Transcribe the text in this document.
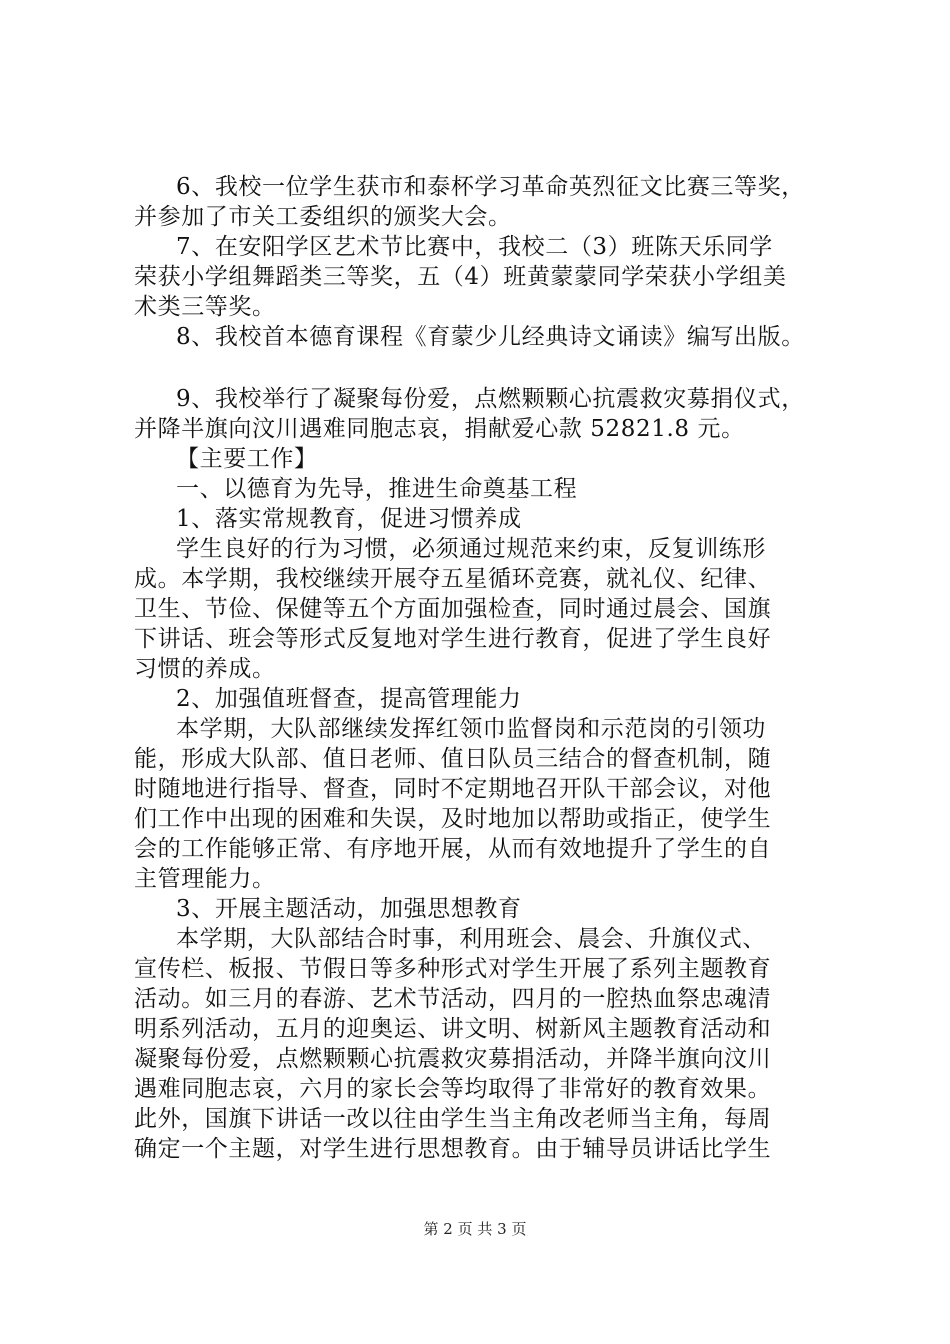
6、我校一位学生获市和泰杯学习革命英烈征文比赛三等奖，
并参加了市关工委组织的颁奖大会。
7、在安阳学区艺术节比赛中，我校二（3）班陈天乐同学
荣获小学组舞蹈类三等奖，五（4）班黄蒙蒙同学荣获小学组美
术类三等奖。
8、我校首本德育课程《育蒙少儿经典诗文诵读》编写出版。
9、我校举行了凝聚每份爱，点燃颗颗心抗震救灾募捐仪式，
并降半旗向汶川遇难同胞志哀，捐献爱心款 52821.8 元。
【主要工作】
一、以德育为先导，推进生命奠基工程
1、落实常规教育，促进习惯养成
学生良好的行为习惯，必须通过规范来约束，反复训练形
成。本学期，我校继续开展夺五星循环竞赛，就礼仪、纪律、
卫生、节俭、保健等五个方面加强检查，同时通过晨会、国旗
下讲话、班会等形式反复地对学生进行教育，促进了学生良好
习惯的养成。
2、加强值班督查，提高管理能力
本学期，大队部继续发挥红领巾监督岗和示范岗的引领功
能，形成大队部、值日老师、值日队员三结合的督查机制，随
时随地进行指导、督查，同时不定期地召开队干部会议，对他
们工作中出现的困难和失误，及时地加以帮助或指正，使学生
会的工作能够正常、有序地开展，从而有效地提升了学生的自
主管理能力。
3、开展主题活动，加强思想教育
本学期，大队部结合时事，利用班会、晨会、升旗仪式、
宣传栏、板报、节假日等多种形式对学生开展了系列主题教育
活动。如三月的春游、艺术节活动，四月的一腔热血祭忠魂清
明系列活动，五月的迎奥运、讲文明、树新风主题教育活动和
凝聚每份爱，点燃颗颗心抗震救灾募捐活动，并降半旗向汶川
遇难同胞志哀，六月的家长会等均取得了非常好的教育效果。
此外，国旗下讲话一改以往由学生当主角改老师当主角，每周
确定一个主题，对学生进行思想教育。由于辅导员讲话比学生
第 2 页 共 3 页
